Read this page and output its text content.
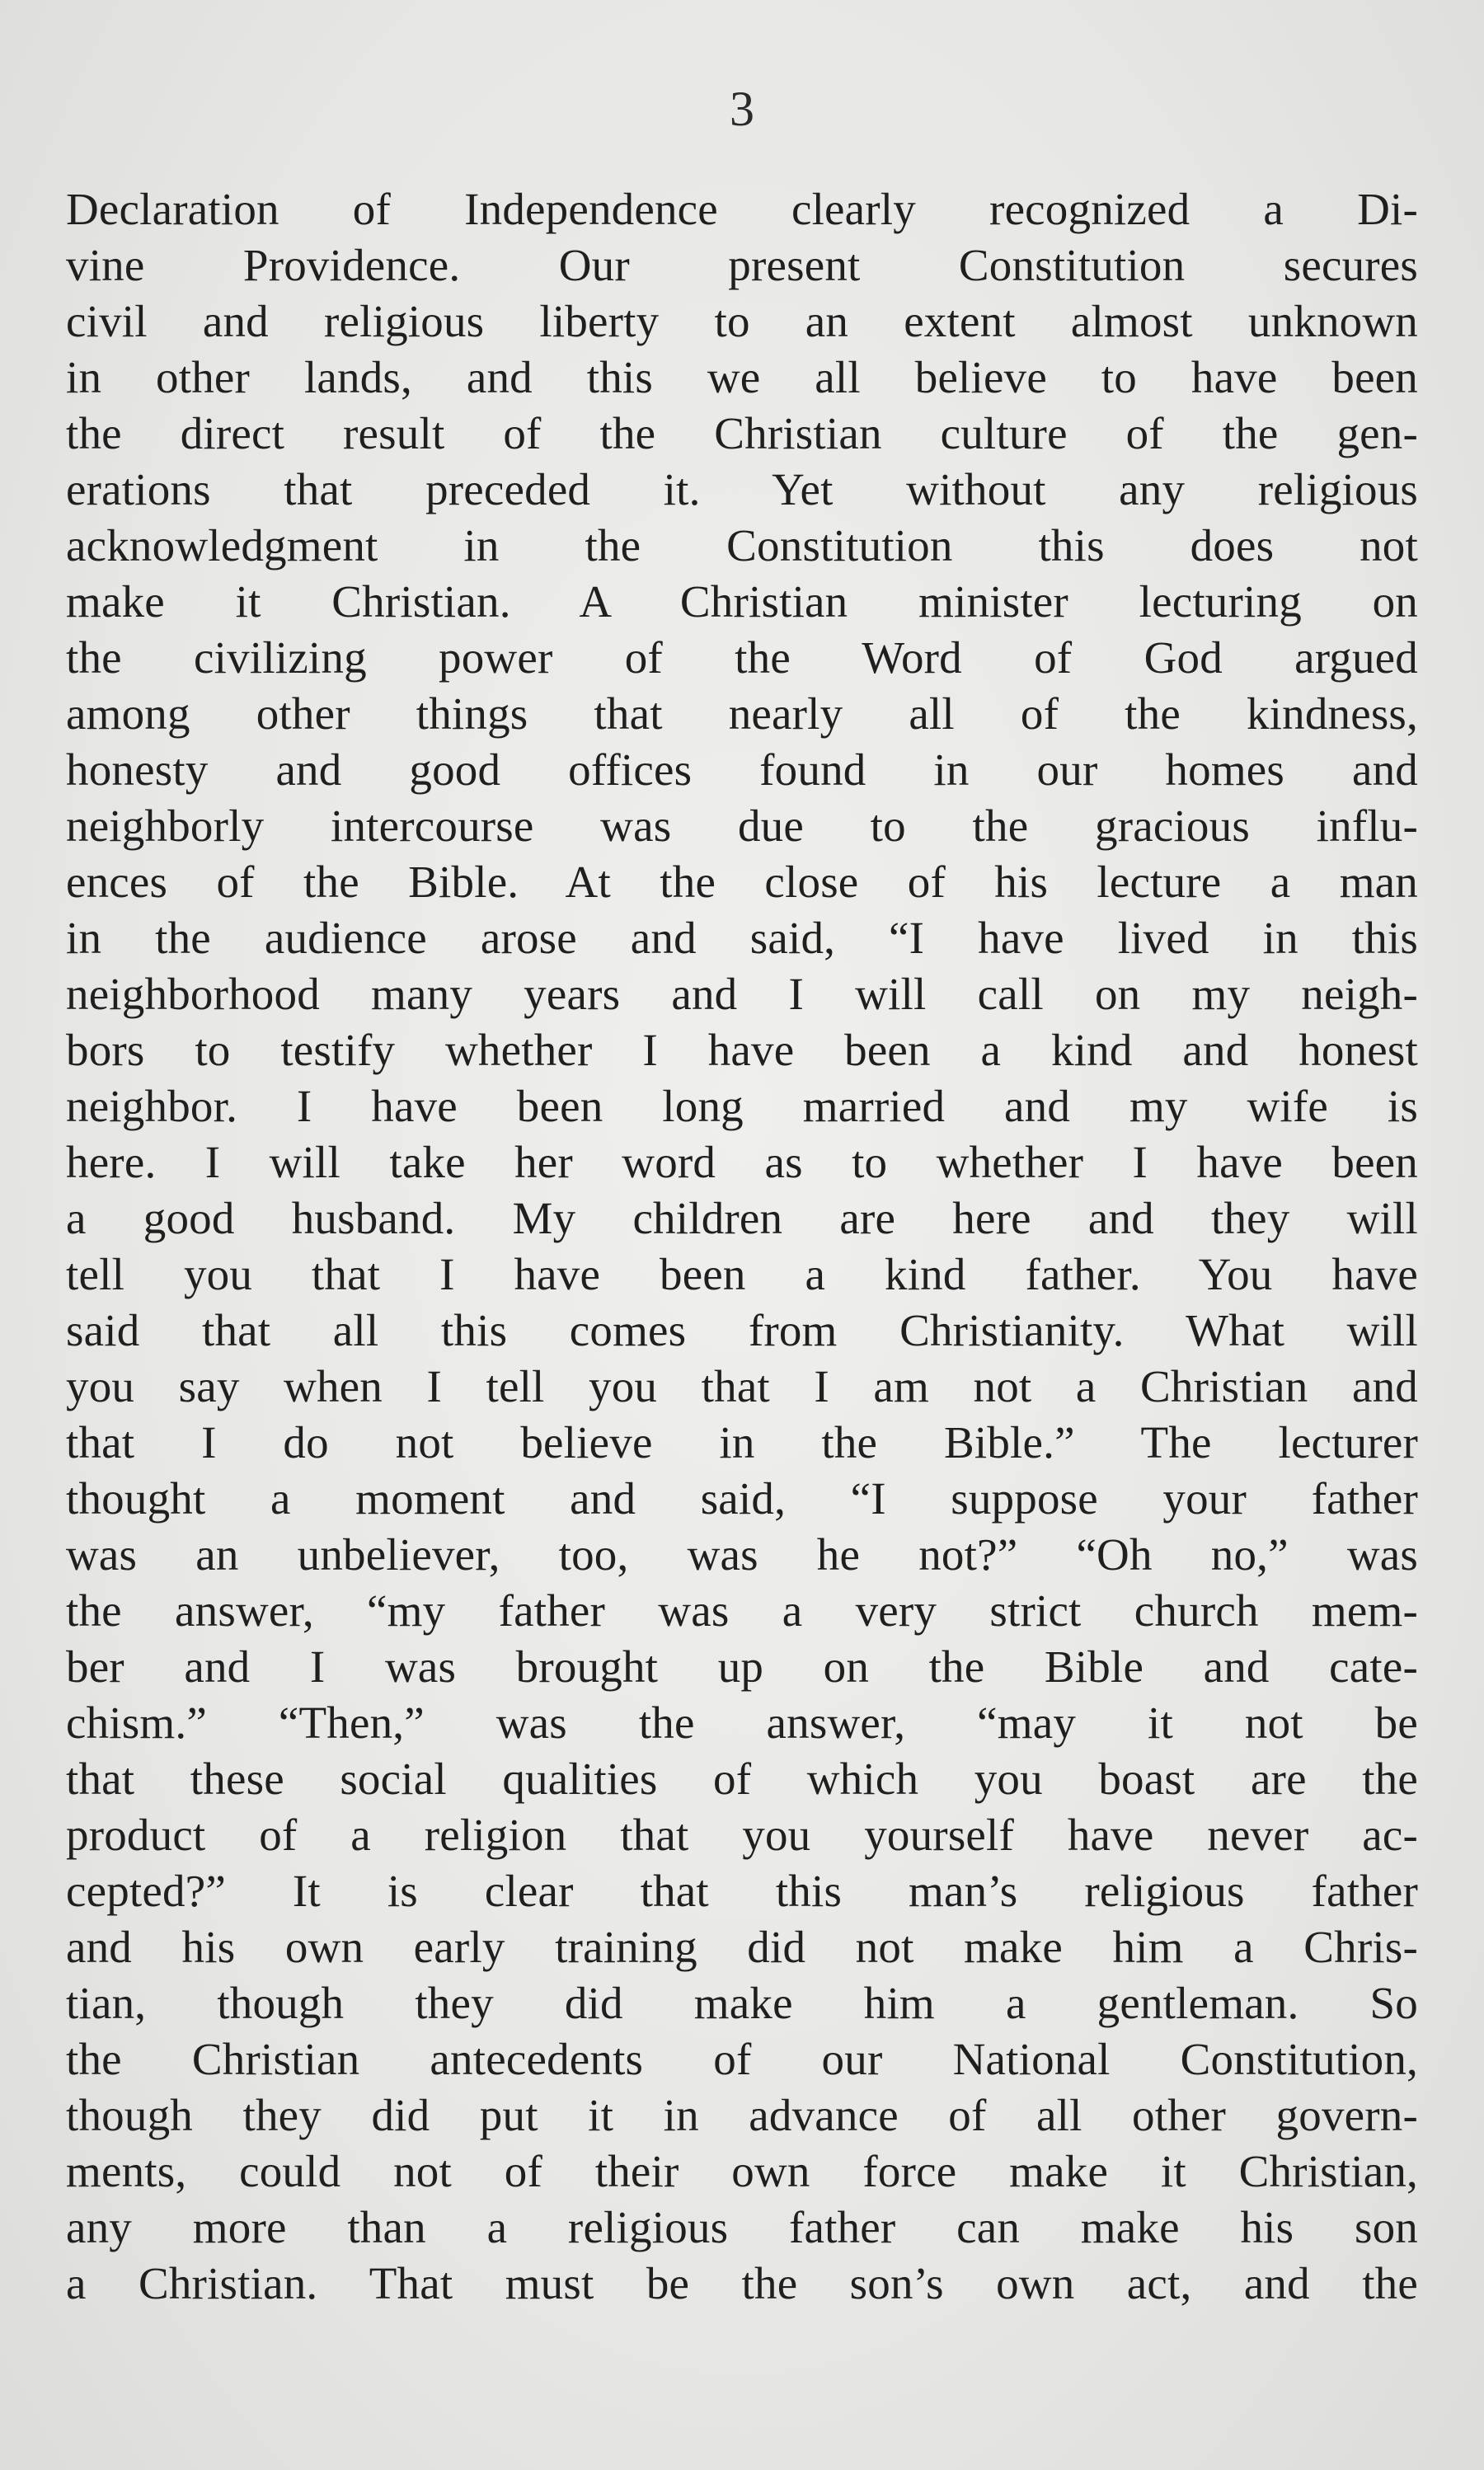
3
Declaration of Independence clearly recognized a Di-
vine Providence. Our present Constitution secures
civil and religious liberty to an extent almost unknown
in other lands, and this we all believe to have been
the direct result of the Christian culture of the gen-
erations that preceded it. Yet without any religious
acknowledgment in the Constitution this does not
make it Christian. A Christian minister lecturing on
the civilizing power of the Word of God argued
among other things that nearly all of the kindness,
honesty and good offices found in our homes and
neighborly intercourse was due to the gracious influ-
ences of the Bible. At the close of his lecture a man
in the audience arose and said, “I have lived in this
neighborhood many years and I will call on my neigh-
bors to testify whether I have been a kind and honest
neighbor. I have been long married and my wife is
here. I will take her word as to whether I have been
a good husband. My children are here and they will
tell you that I have been a kind father. You have
said that all this comes from Christianity. What will
you say when I tell you that I am not a Christian and
that I do not believe in the Bible.” The lecturer
thought a moment and said, “I suppose your father
was an unbeliever, too, was he not?” “Oh no,” was
the answer, “my father was a very strict church mem-
ber and I was brought up on the Bible and cate-
chism.” “Then,” was the answer, “may it not be
that these social qualities of which you boast are the
product of a religion that you yourself have never ac-
cepted?” It is clear that this man’s religious father
and his own early training did not make him a Chris-
tian, though they did make him a gentleman. So
the Christian antecedents of our National Constitution,
though they did put it in advance of all other govern-
ments, could not of their own force make it Christian,
any more than a religious father can make his son
a Christian. That must be the son’s own act, and the
